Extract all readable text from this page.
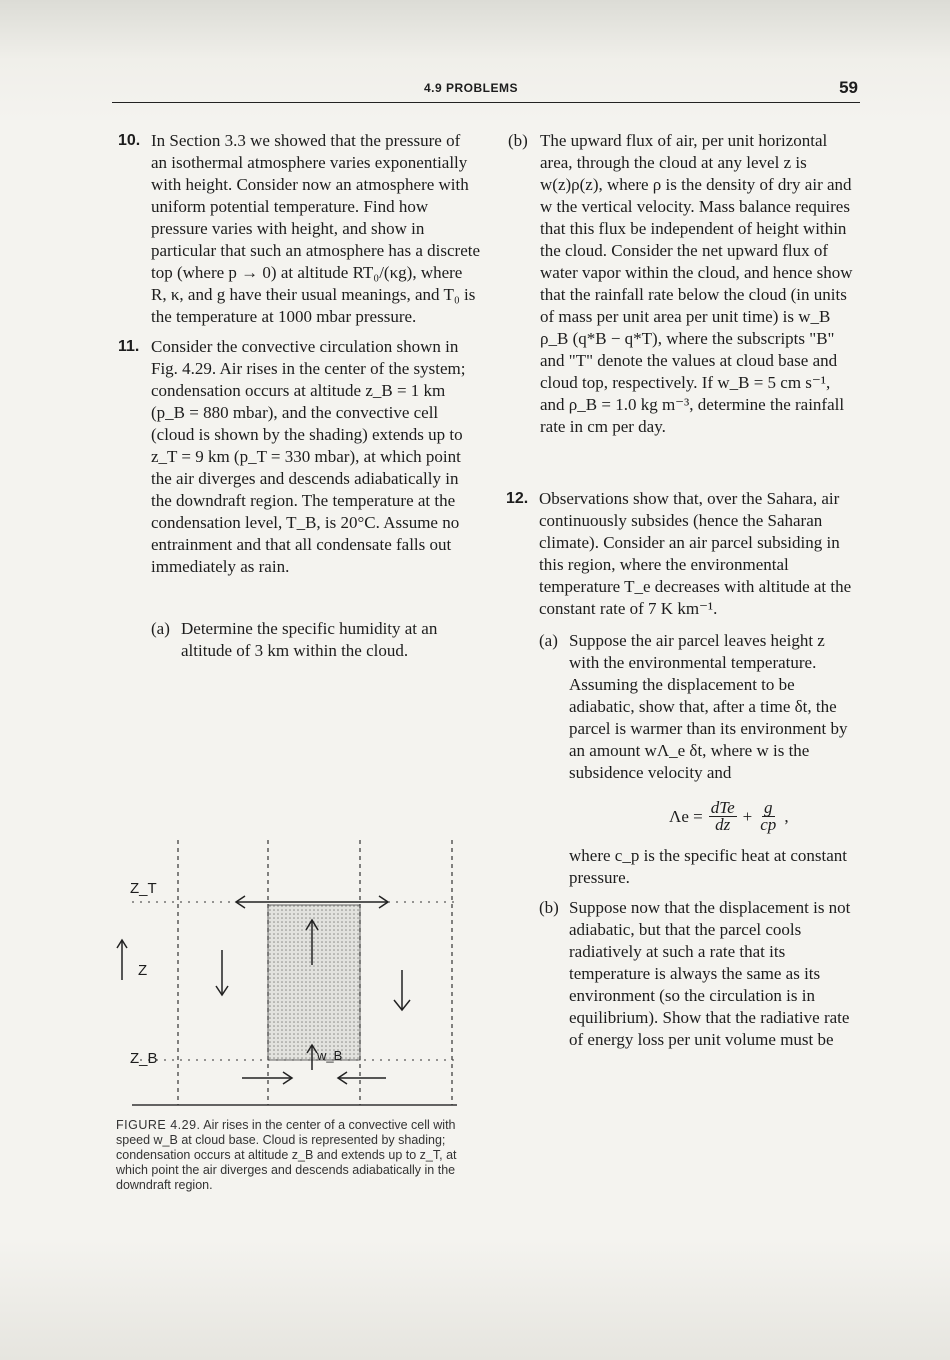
4.9 PROBLEMS	59
10. In Section 3.3 we showed that the pressure of an isothermal atmosphere varies exponentially with height. Consider now an atmosphere with uniform potential temperature. Find how pressure varies with height, and show in particular that such an atmosphere has a discrete top (where p → 0) at altitude RT₀/(κg), where R, κ, and g have their usual meanings, and T₀ is the temperature at 1000 mbar pressure.

11. Consider the convective circulation shown in Fig. 4.29. Air rises in the center of the system; condensation occurs at altitude z_B = 1 km (p_B = 880 mbar), and the convective cell (cloud is shown by the shading) extends up to z_T = 9 km (p_T = 330 mbar), at which point the air diverges and descends adiabatically in the downdraft region. The temperature at the condensation level, T_B, is 20°C. Assume no entrainment and that all condensate falls out immediately as rain.

(a) Determine the specific humidity at an altitude of 3 km within the cloud.

Z_T
Z
Z_B	w_B
FIGURE 4.29. Air rises in the center of a convective cell with speed w_B at cloud base. Cloud is represented by shading; condensation occurs at altitude z_B and extends up to z_T, at which point the air diverges and descends adiabatically in the downdraft region.
(b) The upward flux of air, per unit horizontal area, through the cloud at any level z is w(z)ρ(z), where ρ is the density of dry air and w the vertical velocity. Mass balance requires that this flux be independent of height within the cloud. Consider the net upward flux of water vapor within the cloud, and hence show that the rainfall rate below the cloud (in units of mass per unit area per unit time) is w_B ρ_B (q*B − q*T), where the subscripts "B" and "T" denote the values at cloud base and cloud top, respectively. If w_B = 5 cm s⁻¹, and ρ_B = 1.0 kg m⁻³, determine the rainfall rate in cm per day.

12. Observations show that, over the Sahara, air continuously subsides (hence the Saharan climate). Consider an air parcel subsiding in this region, where the environmental temperature T_e decreases with altitude at the constant rate of 7 K km⁻¹.

(a) Suppose the air parcel leaves height z with the environmental temperature. Assuming the displacement to be adiabatic, show that, after a time δt, the parcel is warmer than its environment by an amount wΛ_e δt, where w is the subsidence velocity and

$\Lambda e = \frac{\text{dTe}}{dz} + \frac{g}{cp}$ ,

where c_p is the specific heat at constant pressure.

(b) Suppose now that the displacement is not adiabatic, but that the parcel cools radiatively at such a rate that its temperature is always the same as its environment (so the circulation is in equilibrium). Show that the radiative rate of energy loss per unit volume must be
